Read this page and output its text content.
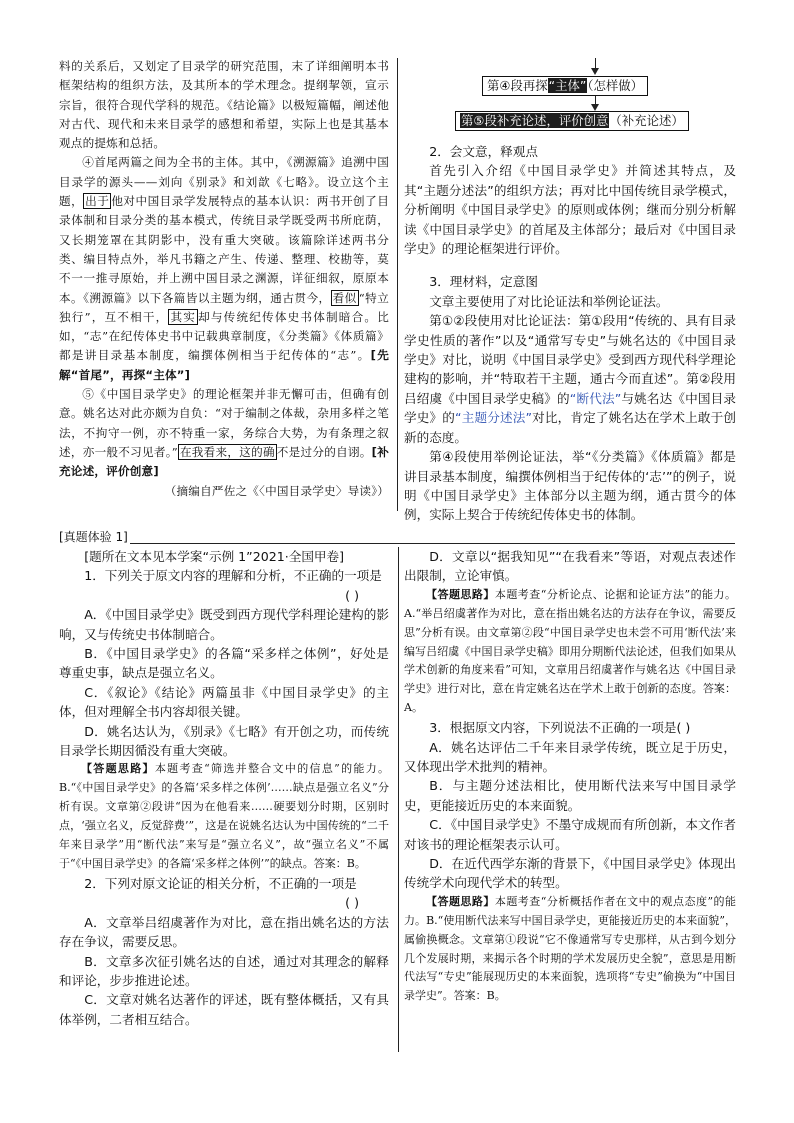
料的关系后，又划定了目录学的研究范围，末了详细阐明本书框架结构的组织方法，及其所本的学术理念。提纲挈领，宣示宗旨，很符合现代学科的规范。《结论篇》以极短篇幅，阐述他对古代、现代和未来目录学的感想和希望，实际上也是其基本观点的提炼和总括。

④首尾两篇之间为全书的主体。其中，《溯源篇》追溯中国目录学的源头——刘向《别录》和刘歆《七略》。设立这个主题， 出于 他对中国目录学发展特点的基本认识：两书开创了目录体制和目录分类的基本模式，传统目录学既受两书所庇荫，又长期笼罩在其阴影中，没有重大突破。该篇除详述两书分类、编目特点外，举凡书籍之产生、传递、整理、校勘等，莫不一一推寻原始，并上溯中国目录之渊源，详征细叙，原原本本。《溯源篇》以下各篇皆以主题为纲，通古贯今， 看似 “特立独行”，互不相干， 其实 却与传统纪传体史书体制暗合。比如，“志”在纪传体史书中记载典章制度，《分类篇》《体质篇》都是讲目录基本制度，编撰体例相当于纪传体的“志”。[先解“首尾”，再探“主体”]

⑤《中国目录学史》的理论框架并非无懈可击，但确有创意。姚名达对此亦颇为自负：“对于编制之体裁，杂用多样之笔法，不拘守一例，亦不特重一家，务综合大势，为有条理之叙述，亦一般不习见者。” 在我看来，这的确 不是过分的自诩。[补充论述，评价创意]

（摘编自严佐之《〈中国目录学史〉导读》）

第④段再探“主体”（怎样做）
第⑤段补充论述，评价创意（补充论述）

2．会文意，释观点

首先引入介绍《中国目录学史》并简述其特点，及其“主题分述法”的组织方法；再对比中国传统目录学模式，分析阐明《中国目录学史》的原则或体例；继而分别分析解读《中国目录学史》的首尾及主体部分；最后对《中国目录学史》的理论框架进行评价。

3．理材料，定意图

文章主要使用了对比论证法和举例论证法。

第①②段使用对比论证法：第①段用“传统的、具有目录学史性质的著作”以及“通常写专史”与姚名达的《中国目录学史》对比，说明《中国目录学史》受到西方现代科学理论建构的影响，并“特取若干主题，通古今而直述”。第②段用吕绍虞《中国目录学史稿》的“断代法”与姚名达《中国目录学史》的“主题分述法”对比，肯定了姚名达在学术上敢于创新的态度。

第④段使用举例论证法，举“《分类篇》《体质篇》都是讲目录基本制度，编撰体例相当于纪传体的‘志’”的例子，说明《中国目录学史》主体部分以主题为纲，通古贯今的体例，实际上契合于传统纪传体史书的体制。

[真题体验 1]

[题所在文本见本学案“示例 1”2021·全国甲卷]

1．下列关于原文内容的理解和分析，不正确的一项是
( )

A．《中国目录学史》既受到西方现代学科理论建构的影响，又与传统史书体制暗合。

B．《中国目录学史》的各篇“采多样之体例”，好处是尊重史事，缺点是强立名义。

C．《叙论》《结论》两篇虽非《中国目录学史》的主体，但对理解全书内容却很关键。

D．姚名达认为，《别录》《七略》有开创之功，而传统目录学长期因循没有重大突破。

【答题思路】本题考查“筛选并整合文中的信息”的能力。B.“《中国目录学史》的各篇‘采多样之体例’……缺点是强立名义”分析有误。文章第②段讲“因为在他看来……硬要划分时期，区别时点，‘强立名义，反觉辞费’”，这是在说姚名达认为中国传统的“二千年来目录学”用“断代法”来写是“强立名义”，故“强立名义”不属于“《中国目录学史》的各篇‘采多样之体例’”的缺点。答案：B。

2．下列对原文论证的相关分析，不正确的一项是
( )

A．文章举吕绍虞著作为对比，意在指出姚名达的方法存在争议，需要反思。

B．文章多次征引姚名达的自述，通过对其理念的解释和评论，步步推进论述。

C．文章对姚名达著作的评述，既有整体概括，又有具体举例，二者相互结合。

D．文章以“据我知见”“在我看来”等语，对观点表述作出限制，立论审慎。

【答题思路】本题考查“分析论点、论据和论证方法”的能力。A.“举吕绍虞著作为对比，意在指出姚名达的方法存在争议，需要反思”分析有误。由文章第②段“中国目录学史也未尝不可用‘断代法’来编写吕绍虞《中国目录学史稿》即用分期断代法论述，但我们如果从学术创新的角度来看”可知，文章用吕绍虞著作与姚名达《中国目录学史》进行对比，意在肯定姚名达在学术上敢于创新的态度。答案：A。

3．根据原文内容，下列说法不正确的一项是( )

A．姚名达评估二千年来目录学传统，既立足于历史，又体现出学术批判的精神。

B．与主题分述法相比，使用断代法来写中国目录学史，更能接近历史的本来面貌。

C．《中国目录学史》不墨守成规而有所创新，本文作者对该书的理论框架表示认可。

D．在近代西学东渐的背景下，《中国目录学史》体现出传统学术向现代学术的转型。

【答题思路】本题考查“分析概括作者在文中的观点态度”的能力。B.“使用断代法来写中国目录学史，更能接近历史的本来面貌”，属偷换概念。文章第①段说“它不像通常写专史那样，从古到今划分几个发展时期，来揭示各个时期的学术发展历史全貌”，意思是用断代法写“专史”能展现历史的本来面貌，选项将“专史”偷换为“中国目录学史”。答案：B。
